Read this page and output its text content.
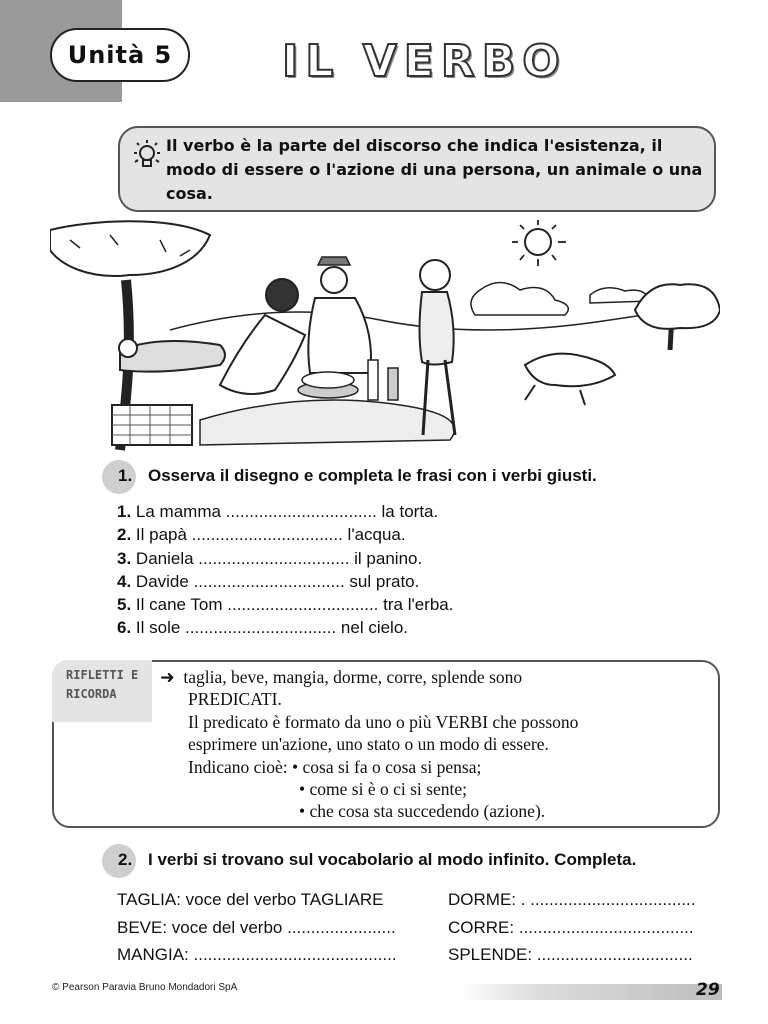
Unità 5 IL VERBO
Il verbo è la parte del discorso che indica l'esistenza, il modo di essere o l'azione di una persona, un animale o una cosa.
1. Osserva il disegno e completa le frasi con i verbi giusti.
1. La mamma ................................ la torta.
2. Il papà ................................ l'acqua.
3. Daniela ................................ il panino.
4. Davide ................................ sul prato.
5. Il cane Tom ................................ tra l'erba.
6. Il sole ................................ nel cielo.
RIFLETTI E
RICORDA
➜ taglia, beve, mangia, dorme, corre, splende sono
PREDICATI.
Il predicato è formato da uno o più VERBI che possono
esprimere un'azione, uno stato o un modo di essere.
Indicano cioè: • cosa si fa o cosa si pensa;
• come si è o ci si sente;
• che cosa sta succedendo (azione).
2. I verbi si trovano sul vocabolario al modo infinito. Completa.
TAGLIA: voce del verbo TAGLIARE
BEVE: voce del verbo .......................
MANGIA: ...........................................
DORME: . ...................................
CORRE: .....................................
SPLENDE: .................................
© Pearson Paravia Bruno Mondadori SpA	29
